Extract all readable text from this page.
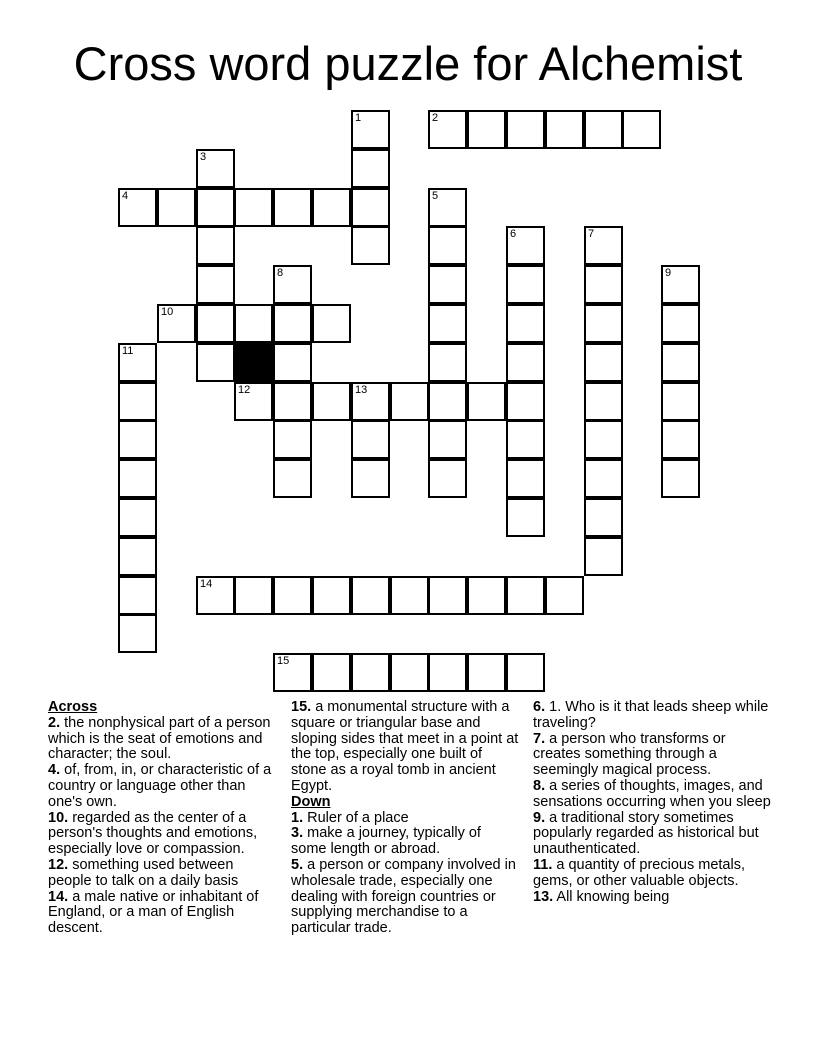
Cross word puzzle for Alchemist
1	2
3
4	5
6	7
8	9
10
11
12	13
14
15
Across
2. the nonphysical part of a person which is the seat of emotions and character; the soul.
4. of, from, in, or characteristic of a country or language other than one's own.
10. regarded as the center of a person's thoughts and emotions, especially love or compassion.
12. something used between people to talk on a daily basis
14. a male native or inhabitant of England, or a man of English descent.
15. a monumental structure with a square or triangular base and sloping sides that meet in a point at the top, especially one built of stone as a royal tomb in ancient Egypt.
Down
1. Ruler of a place
3. make a journey, typically of some length or abroad.
5. a person or company involved in wholesale trade, especially one dealing with foreign countries or supplying merchandise to a particular trade.
6. 1. Who is it that leads sheep while traveling?
7. a person who transforms or creates something through a seemingly magical process.
8. a series of thoughts, images, and sensations occurring when you sleep
9. a traditional story sometimes popularly regarded as historical but unauthenticated.
11. a quantity of precious metals, gems, or other valuable objects.
13. All knowing being
